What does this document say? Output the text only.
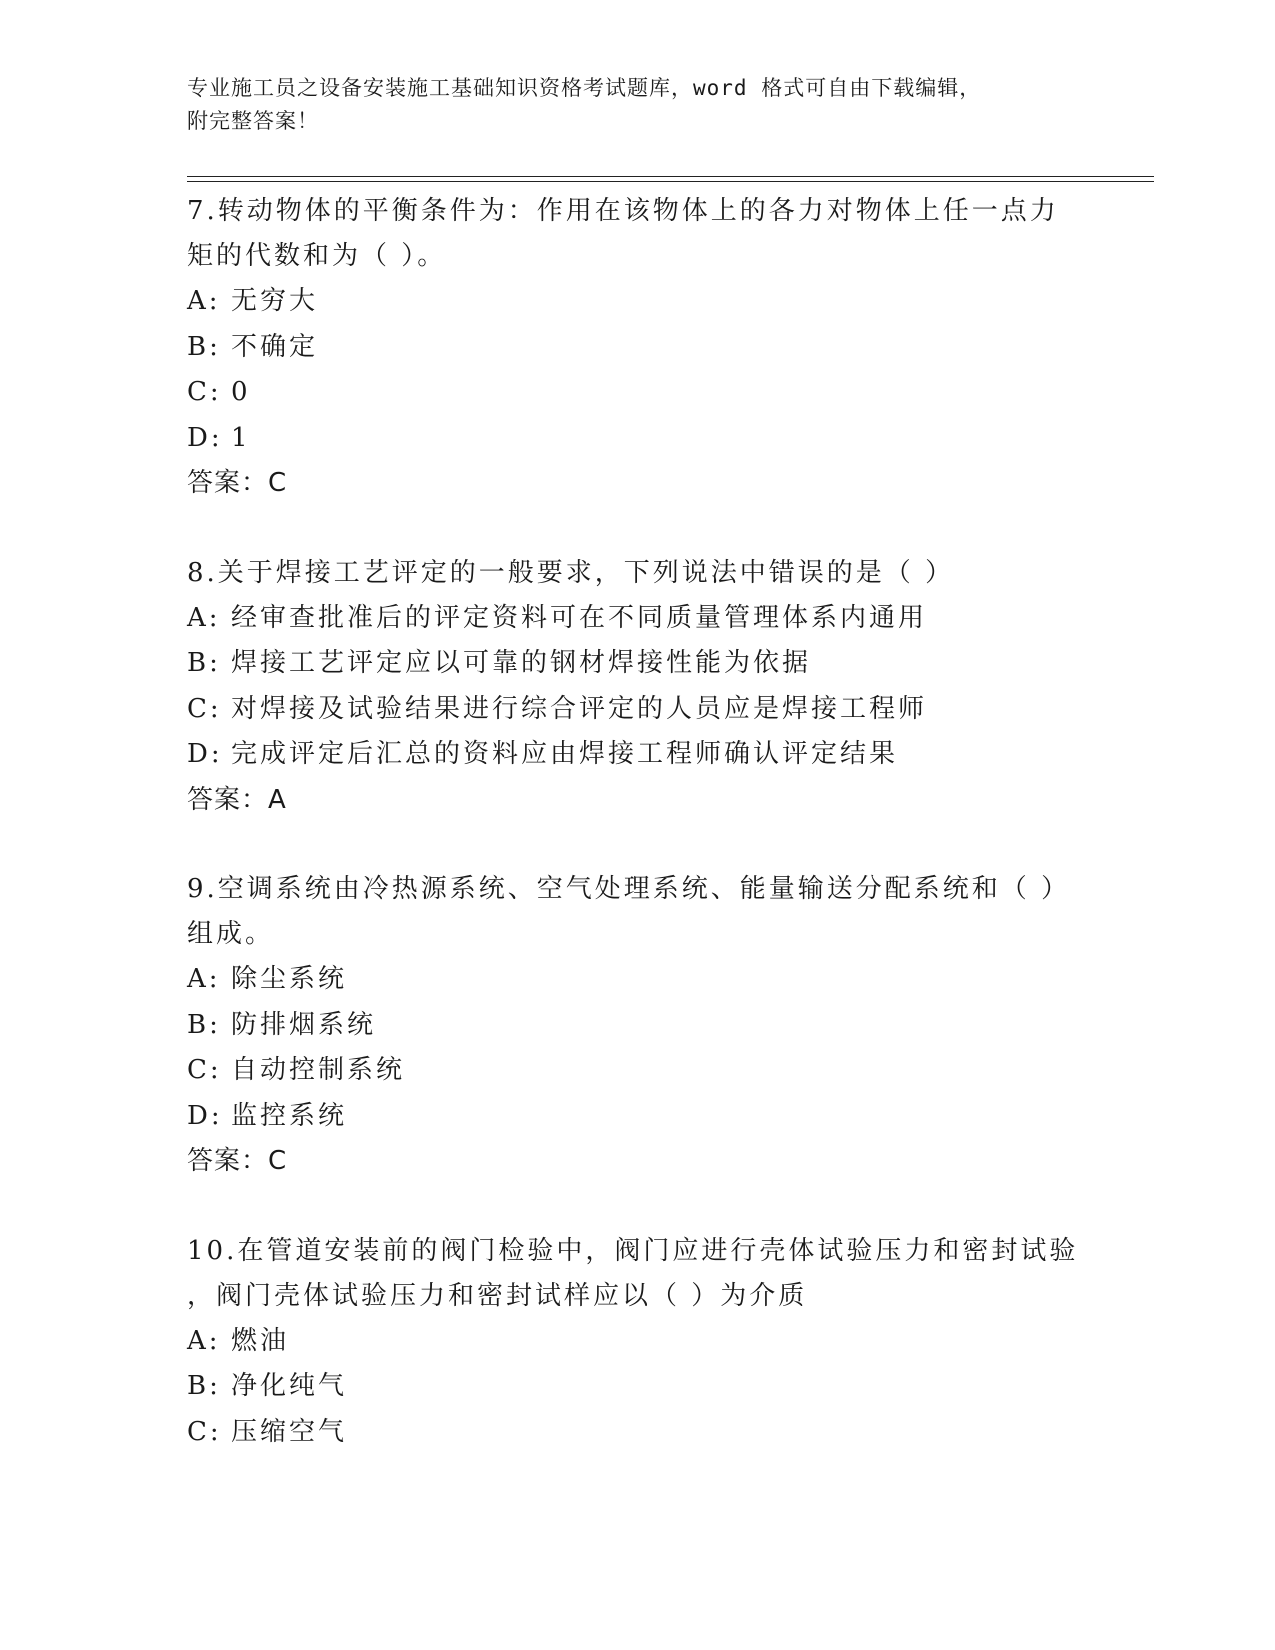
专业施工员之设备安装施工基础知识资格考试题库，word 格式可自由下载编辑，
附完整答案！
7.转动物体的平衡条件为：作用在该物体上的各力对物体上任一点力
矩的代数和为（ ）。
A: 无穷大
B: 不确定
C: 0
D: 1
答案：C
8.关于焊接工艺评定的一般要求，下列说法中错误的是（ ）
A: 经审查批准后的评定资料可在不同质量管理体系内通用
B: 焊接工艺评定应以可靠的钢材焊接性能为依据
C: 对焊接及试验结果进行综合评定的人员应是焊接工程师
D: 完成评定后汇总的资料应由焊接工程师确认评定结果
答案：A
9.空调系统由冷热源系统、空气处理系统、能量输送分配系统和（ ）
组成。
A: 除尘系统
B: 防排烟系统
C: 自动控制系统
D: 监控系统
答案：C
10.在管道安装前的阀门检验中，阀门应进行壳体试验压力和密封试验
，阀门壳体试验压力和密封试样应以（ ）为介质
A: 燃油
B: 净化纯气
C: 压缩空气
